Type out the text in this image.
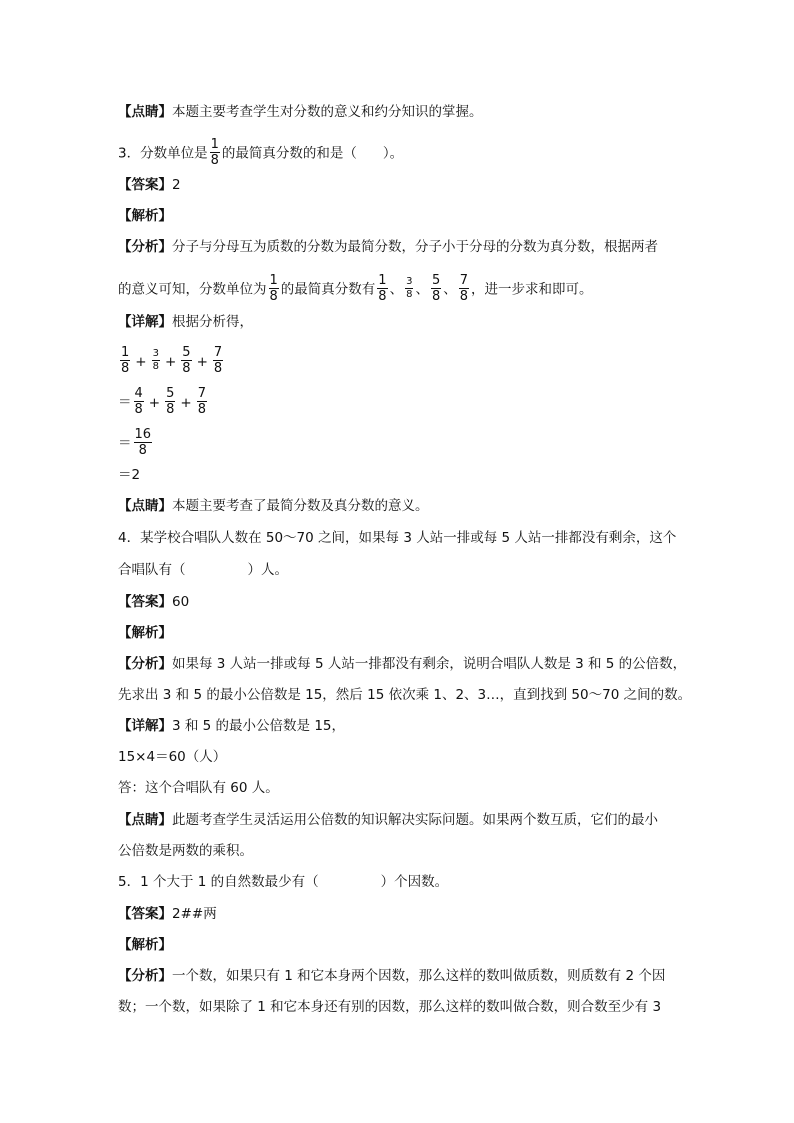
【点睛】本题主要考查学生对分数的意义和约分知识的掌握。
3．分数单位是 $\frac{1}{8}$ 的最简真分数的和是（ ）。
【答案】2
【解析】
【分析】分子与分母互为质数的分数为最简分数，分子小于分母的分数为真分数，根据两者
的意义可知，分数单位为 $\frac{1}{8}$ 的最简真分数有 $\frac{1}{8}$ 、 $\frac{3}{8}$ 、 $\frac{5}{8}$ 、 $\frac{7}{8}$ ，进一步求和即可。
【详解】根据分析得，
$\frac{1}{8} + \frac{3}{8} + \frac{5}{8} + \frac{7}{8}$
＝ $\frac{4}{8} + \frac{5}{8} + \frac{7}{8}$
＝ $\frac{16}{8}$
＝2
【点睛】本题主要考查了最简分数及真分数的意义。
4．某学校合唱队人数在 50～70 之间，如果每 3 人站一排或每 5 人站一排都没有剩余，这个
合唱队有（	）人。
【答案】60
【解析】
【分析】如果每 3 人站一排或每 5 人站一排都没有剩余，说明合唱队人数是 3 和 5 的公倍数，
先求出 3 和 5 的最小公倍数是 15，然后 15 依次乘 1、2、3…，直到找到 50～70 之间的数。
【详解】3 和 5 的最小公倍数是 15，
15×4＝60（人）
答：这个合唱队有 60 人。
【点睛】此题考查学生灵活运用公倍数的知识解决实际问题。如果两个数互质，它们的最小
公倍数是两数的乘积。
5．1 个大于 1 的自然数最少有（	）个因数。
【答案】2##两
【解析】
【分析】一个数，如果只有 1 和它本身两个因数，那么这样的数叫做质数，则质数有 2 个因
数；一个数，如果除了 1 和它本身还有别的因数，那么这样的数叫做合数，则合数至少有 3
